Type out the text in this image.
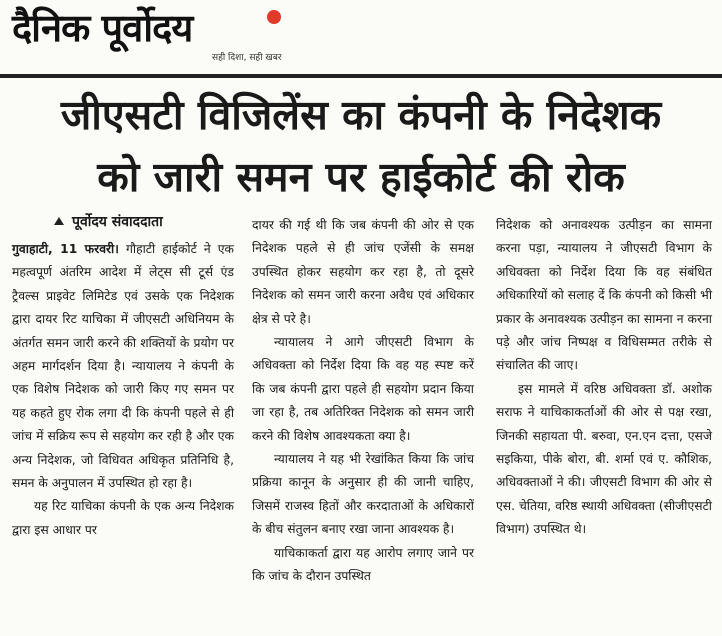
दैनिक पूर्वोदय
सही दिशा, सही खबर
जीएसटी विजिलेंस का कंपनी के निदेशक
को जारी समन पर हाईकोर्ट की रोक
पूर्वोदय संवाददाता

गुवाहाटी, 11 फरवरी। गौहाटी हाईकोर्ट ने एक महत्वपूर्ण अंतरिम आदेश में लेट्स सी टूर्स एंड ट्रैवल्स प्राइवेट लिमिटेड एवं उसके एक निदेशक द्वारा दायर रिट याचिका में जीएसटी अधिनियम के अंतर्गत समन जारी करने की शक्तियों के प्रयोग पर अहम मार्गदर्शन दिया है। न्यायालय ने कंपनी के एक विशेष निदेशक को जारी किए गए समन पर यह कहते हुए रोक लगा दी कि कंपनी पहले से ही जांच में सक्रिय रूप से सहयोग कर रही है और एक अन्य निदेशक, जो विधिवत अधिकृत प्रतिनिधि है, समन के अनुपालन में उपस्थित हो रहा है।

यह रिट याचिका कंपनी के एक अन्य निदेशक द्वारा इस आधार पर

दायर की गई थी कि जब कंपनी की ओर से एक निदेशक पहले से ही जांच एजेंसी के समक्ष उपस्थित होकर सहयोग कर रहा है, तो दूसरे निदेशक को समन जारी करना अवैध एवं अधिकार क्षेत्र से परे है।

न्यायालय ने आगे जीएसटी विभाग के अधिवक्ता को निर्देश दिया कि वह यह स्पष्ट करें कि जब कंपनी द्वारा पहले ही सहयोग प्रदान किया जा रहा है, तब अतिरिक्त निदेशक को समन जारी करने की विशेष आवश्यकता क्या है।

न्यायालय ने यह भी रेखांकित किया कि जांच प्रक्रिया कानून के अनुसार ही की जानी चाहिए, जिसमें राजस्व हितों और करदाताओं के अधिकारों के बीच संतुलन बनाए रखा जाना आवश्यक है।

याचिकाकर्ता द्वारा यह आरोप लगाए जाने पर कि जांच के दौरान उपस्थित

निदेशक को अनावश्यक उत्पीड़न का सामना करना पड़ा, न्यायालय ने जीएसटी विभाग के अधिवक्ता को निर्देश दिया कि वह संबंधित अधिकारियों को सलाह दें कि कंपनी को किसी भी प्रकार के अनावश्यक उत्पीड़न का सामना न करना पड़े और जांच निष्पक्ष व विधिसम्मत तरीके से संचालित की जाए।

इस मामले में वरिष्ठ अधिवक्ता डॉ. अशोक सराफ ने याचिकाकर्ताओं की ओर से पक्ष रखा, जिनकी सहायता पी. बरुवा, एन.एन दत्ता, एसजे सइकिया, पीके बोरा, बी. शर्मा एवं ए. कौशिक, अधिवक्ताओं ने की। जीएसटी विभाग की ओर से एस. चेतिया, वरिष्ठ स्थायी अधिवक्ता (सीजीएसटी विभाग) उपस्थित थे।
